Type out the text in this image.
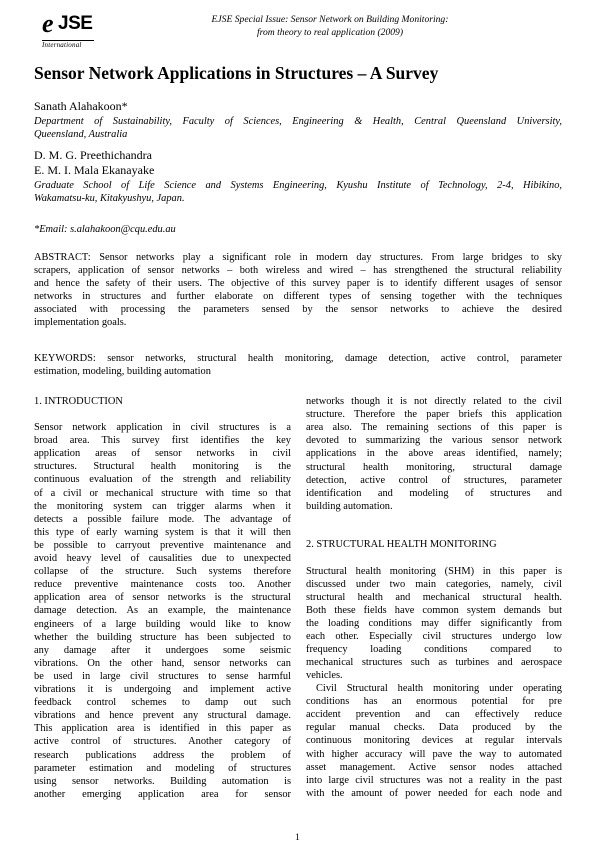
e JSE
International
EJSE Special Issue: Sensor Network on Building Monitoring:
from theory to real application (2009)
Sensor Network Applications in Structures – A Survey
Sanath Alahakoon*
Department of Sustainability, Faculty of Sciences, Engineering & Health, Central Queensland University,
Queensland, Australia
D. M. G. Preethichandra
E. M. I. Mala Ekanayake
Graduate School of Life Science and Systems Engineering, Kyushu Institute of Technology, 2-4, Hibikino,
Wakamatsu-ku, Kitakyushyu, Japan.
*Email: s.alahakoon@cqu.edu.au
ABSTRACT: Sensor networks play a significant role in modern day structures. From large bridges to sky
scrapers, application of sensor networks – both wireless and wired – has strengthened the structural reliability
and hence the safety of their users. The objective of this survey paper is to identify different usages of sensor
networks in structures and further elaborate on different types of sensing together with the techniques
associated with processing the parameters sensed by the sensor networks to achieve the desired
implementation goals.
KEYWORDS: sensor networks, structural health monitoring, damage detection, active control, parameter
estimation, modeling, building automation
1. INTRODUCTION
Sensor network application in civil structures is a
broad area. This survey first identifies the key
application areas of sensor networks in civil
structures. Structural health monitoring is the
continuous evaluation of the strength and reliability
of a civil or mechanical structure with time so that
the monitoring system can trigger alarms when it
detects a possible failure mode. The advantage of
this type of early warning system is that it will then
be possible to carryout preventive maintenance and
avoid heavy level of causalities due to unexpected
collapse of the structure. Such systems therefore
reduce preventive maintenance costs too. Another
application area of sensor networks is the structural
damage detection. As an example, the maintenance
engineers of a large building would like to know
whether the building structure has been subjected to
any damage after it undergoes some seismic
vibrations. On the other hand, sensor networks can
be used in large civil structures to sense harmful
vibrations it is undergoing and implement active
feedback control schemes to damp out such
vibrations and hence prevent any structural damage.
This application area is identified in this paper as
active control of structures. Another category of
research publications address the problem of
parameter estimation and modeling of structures
using sensor networks. Building automation is
another emerging application area for sensor
networks though it is not directly related to the civil
structure. Therefore the paper briefs this application
area also. The remaining sections of this paper is
devoted to summarizing the various sensor network
applications in the above areas identified, namely;
structural health monitoring, structural damage
detection, active control of structures, parameter
identification and modeling of structures and
building automation.
2. STRUCTURAL HEALTH MONITORING
Structural health monitoring (SHM) in this paper is
discussed under two main categories, namely, civil
structural health and mechanical structural health.
Both these fields have common system demands but
the loading conditions may differ significantly from
each other. Especially civil structures undergo low
frequency loading conditions compared to
mechanical structures such as turbines and aerospace
vehicles.
Civil Structural health monitoring under operating
conditions has an enormous potential for pre
accident prevention and can effectively reduce
regular manual checks. Data produced by the
continuous monitoring devices at regular intervals
with higher accuracy will pave the way to automated
asset management. Active sensor nodes attached
into large civil structures was not a reality in the past
with the amount of power needed for each node and
1
